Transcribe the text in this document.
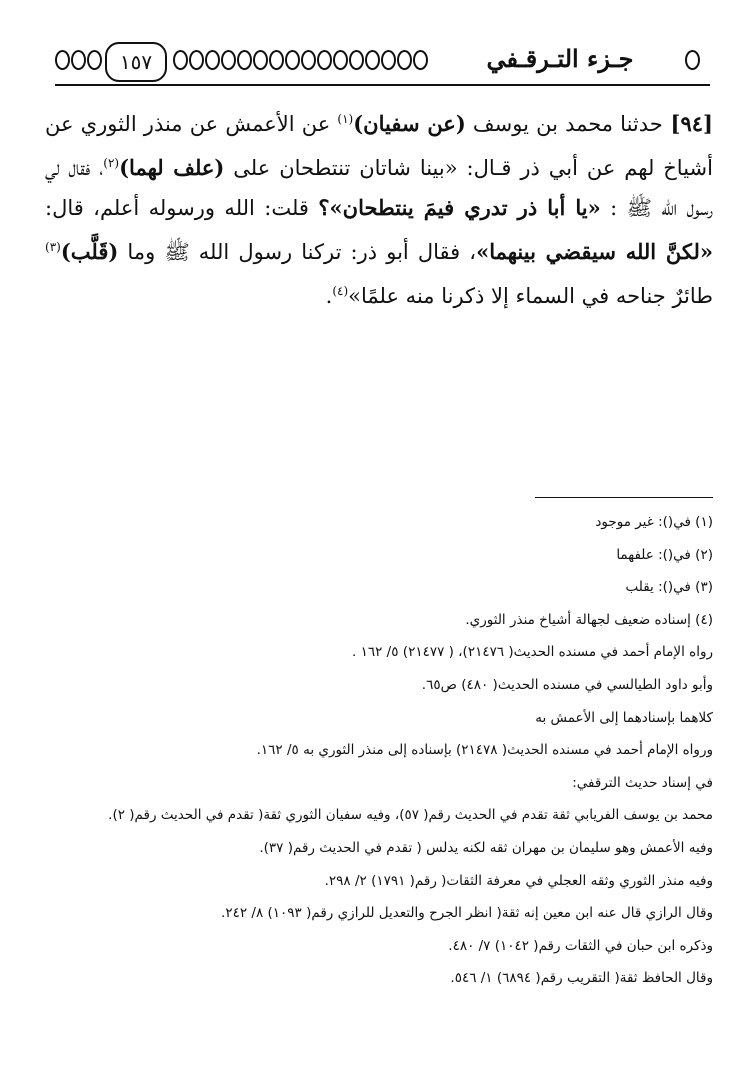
١٥٧	جـزء التـرقـفي

[٩٤] حدثنا محمد بن يوسف (عن سفيان)$^{(١)}$ عن الأعمش عن منذر الثوري عن أشياخ لهم عن أبي ذر قـال: «بينا شاتان تنتطحان على (علف لهما)$^{(٢)}$، فقال لي رسول الله ﷺ : «يا أبا ذر تدري فيمَ ينتطحان»؟ قلت: الله ورسوله أعلم، قال: «لكنَّ الله سيقضي بينهما»، فقال أبو ذر: تركنا رسول الله ﷺ وما (قَلَّب)$^{(٣)}$ طائرٌ جناحه في السماء إلا ذكرنا منه علمًا»$^{(٤)}$.

(١) في(): غير موجود
(٢) في(): علفهما
(٣) في(): يقلب
(٤) إسناده ضعيف لجهالة أشياخ منذر الثوري.
رواه الإمام أحمد في مسنده الحديث( ٢١٤٧٦)، ( ٢١٤٧٧) ٥/ ١٦٢ .
وأبو داود الطيالسي في مسنده الحديث( ٤٨٠) ص٦٥.
كلاهما بإسنادهما إلى الأعمش به
ورواه الإمام أحمد في مسنده الحديث( ٢١٤٧٨) بإسناده إلى منذر الثوري به ٥/ ١٦٢.
في إسناد حديث الترقفي:
محمد بن يوسف الفريابي ثقة تقدم في الحديث رقم( ٥٧)، وفيه سفيان الثوري ثقة( تقدم في الحديث رقم( ٢).
وفيه الأعمش وهو سليمان بن مهران ثقه لكنه يدلس ( تقدم في الحديث رقم( ٣٧).
وفيه منذر الثوري وثقه العجلي في معرفة الثقات( رقم( ١٧٩١) ٢/ ٢٩٨.
وقال الرازي قال عنه ابن معين إنه ثقة( انظر الجرح والتعديل للرازي رقم( ١٠٩٣) ٨/ ٢٤٢.
وذكره ابن حبان في الثقات رقم( ١٠٤٢) ٧/ ٤٨٠.
وقال الحافظ ثقة( التقريب رقم( ٦٨٩٤) ١/ ٥٤٦.
